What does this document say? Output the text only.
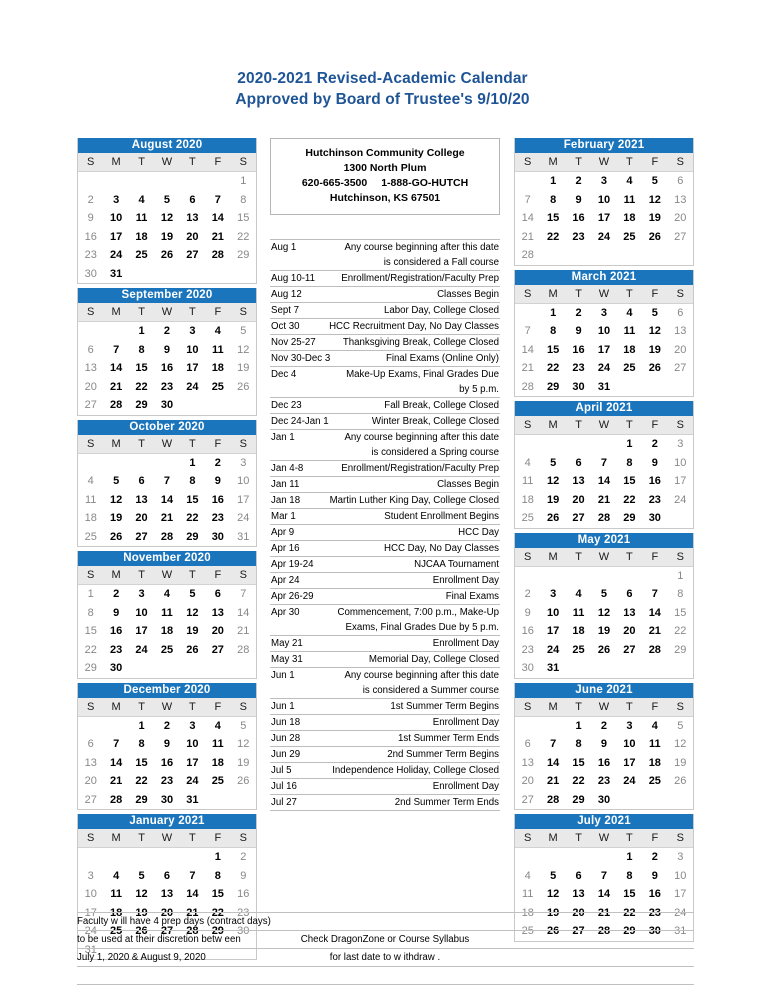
2020-2021 Revised-Academic Calendar
Approved by Board of Trustee's 9/10/20
August 2020
S	M	T	W	T	F	S
						1
2	3	4	5	6	7	8
9	10	11	12	13	14	15
16	17	18	19	20	21	22
23	24	25	26	27	28	29
30	31					
September 2020
S	M	T	W	T	F	S
		1	2	3	4	5
6	7	8	9	10	11	12
13	14	15	16	17	18	19
20	21	22	23	24	25	26
27	28	29	30			
October 2020
S	M	T	W	T	F	S
				1	2	3
4	5	6	7	8	9	10
11	12	13	14	15	16	17
18	19	20	21	22	23	24
25	26	27	28	29	30	31
November 2020
S	M	T	W	T	F	S
1	2	3	4	5	6	7
8	9	10	11	12	13	14
15	16	17	18	19	20	21
22	23	24	25	26	27	28
29	30					
December 2020
S	M	T	W	T	F	S
		1	2	3	4	5
6	7	8	9	10	11	12
13	14	15	16	17	18	19
20	21	22	23	24	25	26
27	28	29	30	31		
January 2021
S	M	T	W	T	F	S
					1	2
3	4	5	6	7	8	9
10	11	12	13	14	15	16
17	18	19	20	21	22	23
24	25	26	27	28	29	30
31						
Hutchinson Community College
1300 North Plum
620-665-3500 1-888-GO-HUTCH
Hutchinson, KS 67501
Aug 1	Any course beginning after this date
is considered a Fall course
Aug 10-11	Enrollment/Registration/Faculty Prep
Aug 12	Classes Begin
Sept 7	Labor Day, College Closed
Oct 30	HCC Recruitment Day, No Day Classes
Nov 25-27	Thanksgiving Break, College Closed
Nov 30-Dec 3	Final Exams (Online Only)
Dec 4	Make-Up Exams, Final Grades Due
by 5 p.m.
Dec 23	Fall Break, College Closed
Dec 24-Jan 1	Winter Break, College Closed
Jan 1	Any course beginning after this date
is considered a Spring course
Jan 4-8	Enrollment/Registration/Faculty Prep
Jan 11	Classes Begin
Jan 18	Martin Luther King Day, College Closed
Mar 1	Student Enrollment Begins
Apr 9	HCC Day
Apr 16	HCC Day, No Day Classes
Apr 19-24	NJCAA Tournament
Apr 24	Enrollment Day
Apr 26-29	Final Exams
Apr 30	Commencement, 7:00 p.m., Make-Up
Exams, Final Grades Due by 5 p.m.
May 21	Enrollment Day
May 31	Memorial Day, College Closed
Jun 1	Any course beginning after this date
is considered a Summer course
Jun 1	1st Summer Term Begins
Jun 18	Enrollment Day
Jun 28	1st Summer Term Ends
Jun 29	2nd Summer Term Begins
Jul 5	Independence Holiday, College Closed
Jul 16	Enrollment Day
Jul 27	2nd Summer Term Ends
February 2021
S	M	T	W	T	F	S
	1	2	3	4	5	6
7	8	9	10	11	12	13
14	15	16	17	18	19	20
21	22	23	24	25	26	27
28						
March 2021
S	M	T	W	T	F	S
	1	2	3	4	5	6
7	8	9	10	11	12	13
14	15	16	17	18	19	20
21	22	23	24	25	26	27
28	29	30	31			
April 2021
S	M	T	W	T	F	S
				1	2	3
4	5	6	7	8	9	10
11	12	13	14	15	16	17
18	19	20	21	22	23	24
25	26	27	28	29	30	
May 2021
S	M	T	W	T	F	S
						1
2	3	4	5	6	7	8
9	10	11	12	13	14	15
16	17	18	19	20	21	22
23	24	25	26	27	28	29
30	31					
June 2021
S	M	T	W	T	F	S
		1	2	3	4	5
6	7	8	9	10	11	12
13	14	15	16	17	18	19
20	21	22	23	24	25	26
27	28	29	30			
July 2021
S	M	T	W	T	F	S
				1	2	3
4	5	6	7	8	9	10
11	12	13	14	15	16	17
18	19	20	21	22	23	24
25	26	27	28	29	30	31
Faculty w ill have 4 prep days (contract days)
to be used at their discretion betw een
July 1, 2020 & August 9, 2020

Check DragonZone or Course Syllabus
for last date to w ithdraw .
